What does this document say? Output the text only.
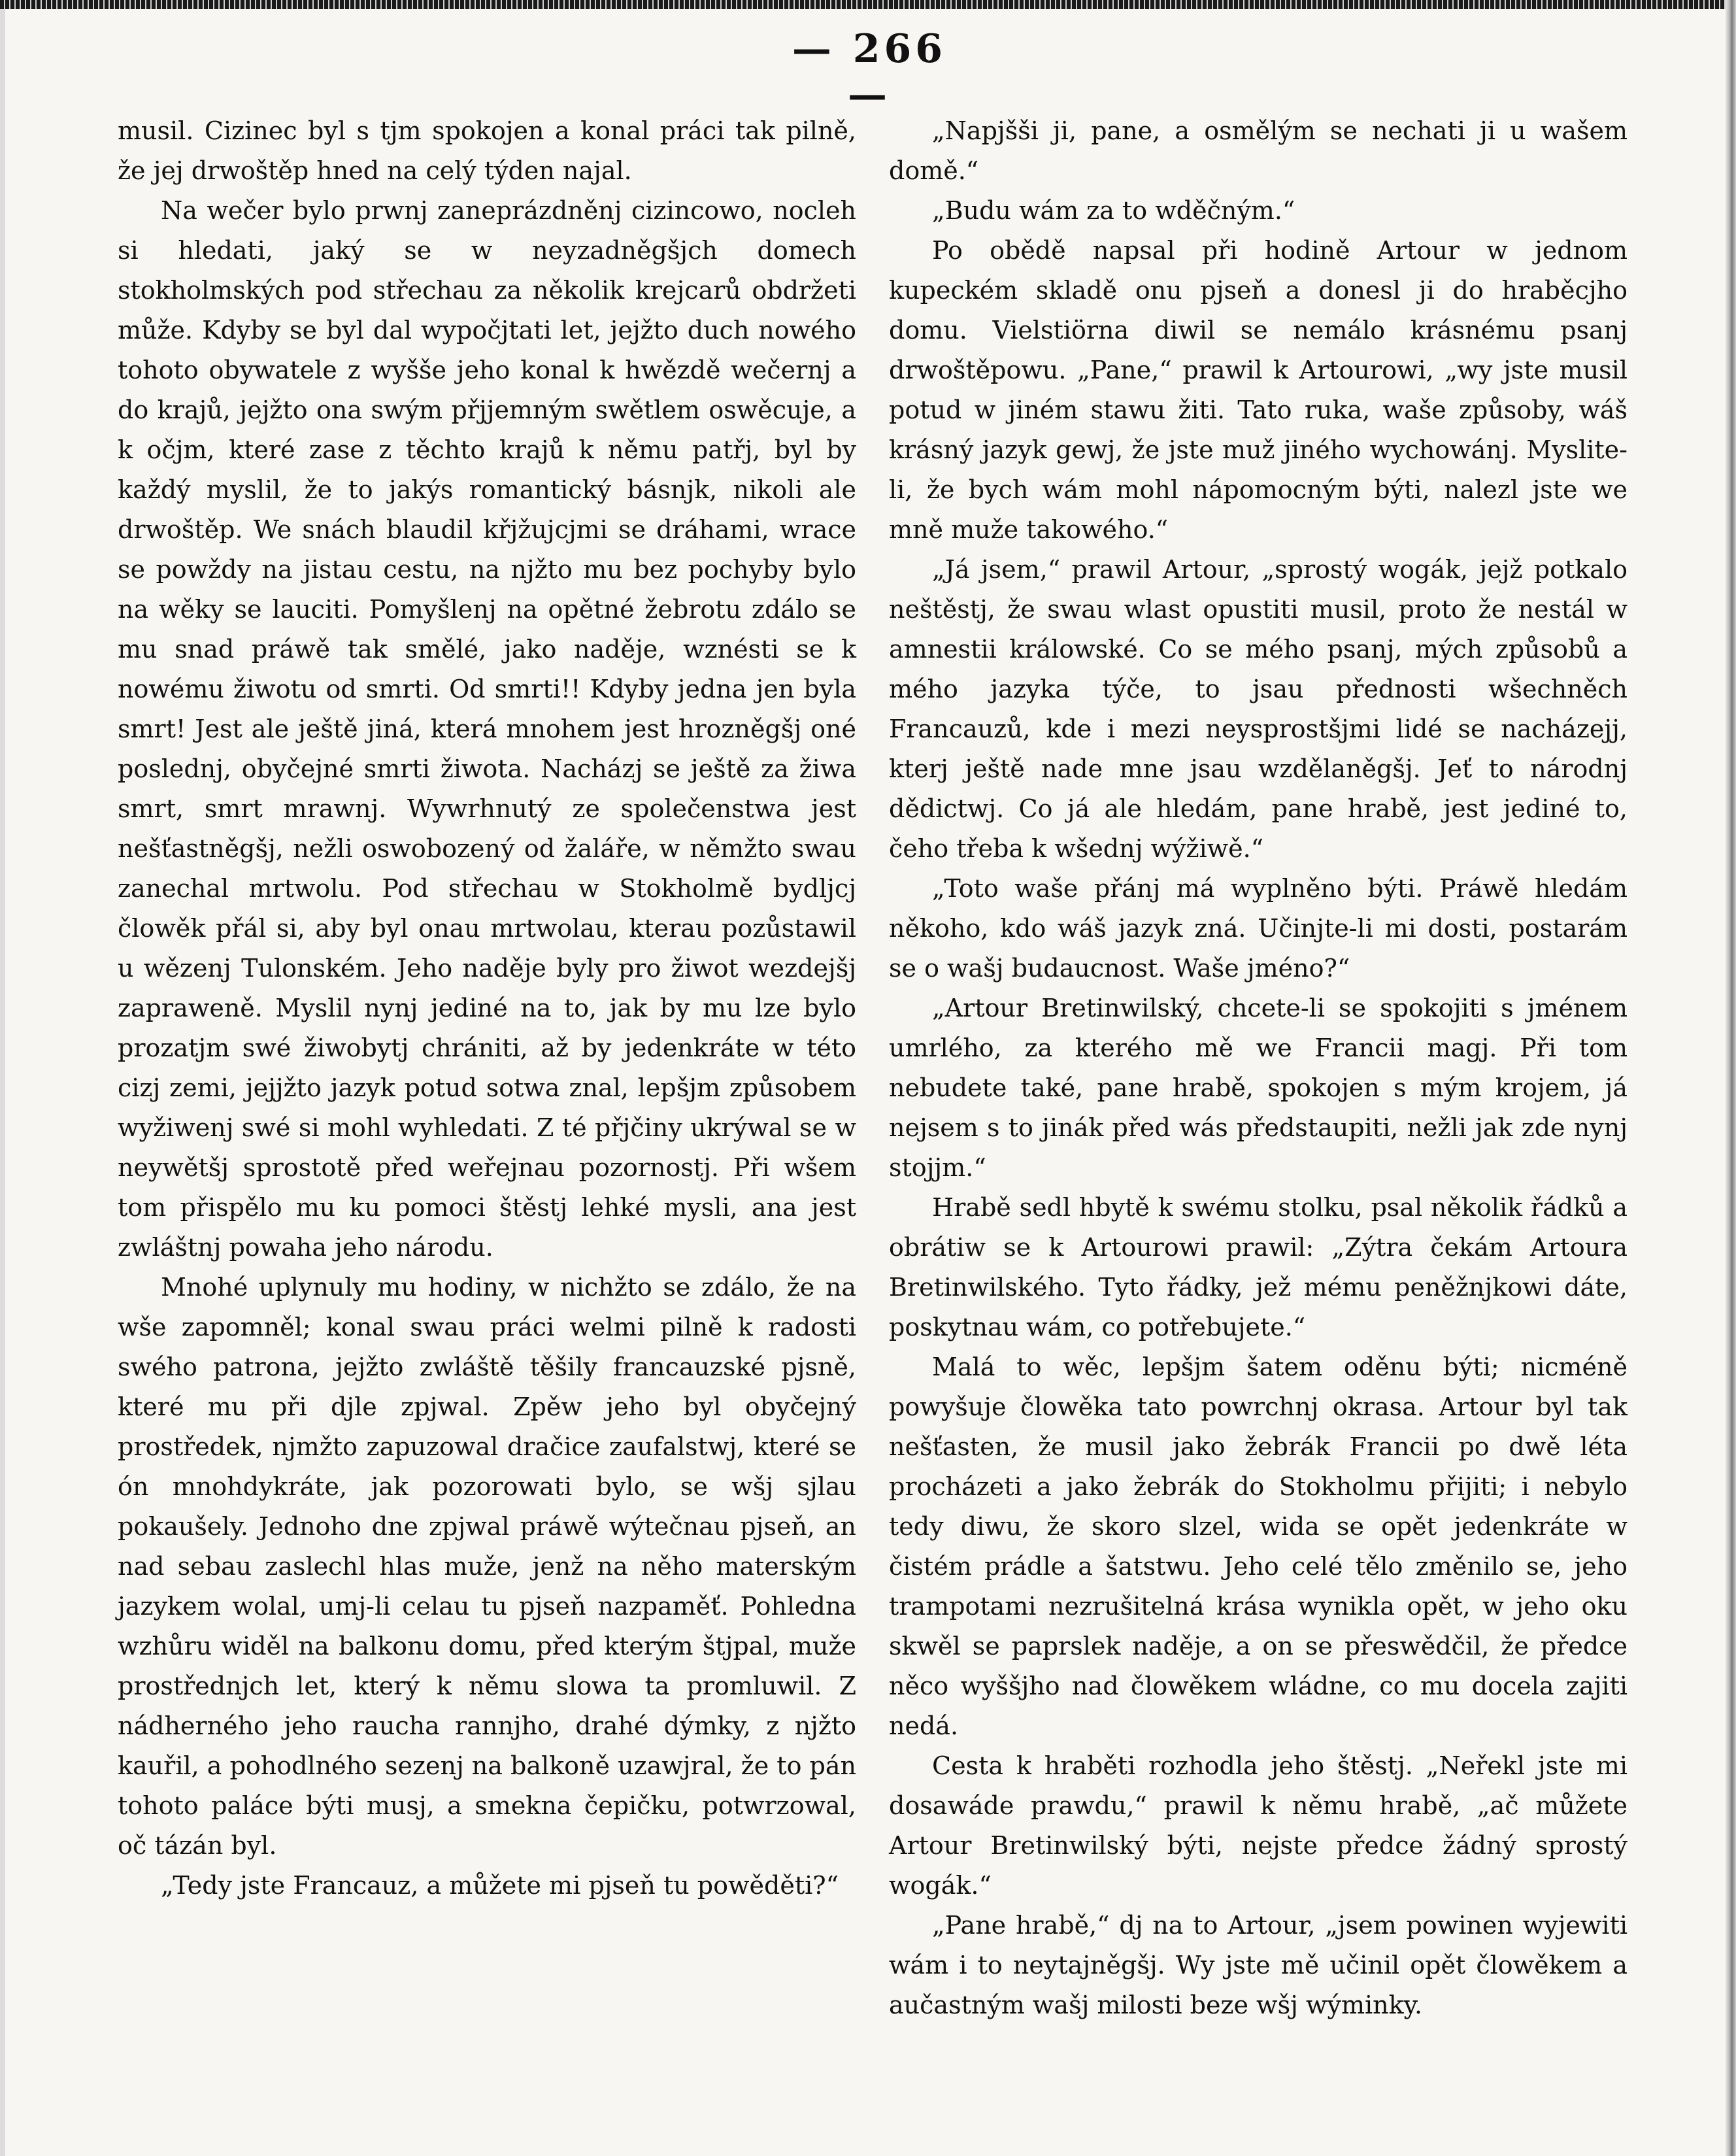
— 266 —

musil. Cizinec byl s tjm spokojen a konal práci tak pilně, že jej drwoštěp hned na celý týden najal.

Na wečer bylo prwnj zaneprázdněnj cizincowo, nocleh si hledati, jaký se w neyzadněgšjch domech stokholmských pod střechau za několik krejcarů obdržeti může. Kdyby se byl dal wypočjtati let, jejžto duch nowého tohoto obywatele z wyšše jeho konal k hwězdě wečernj a do krajů, jejžto ona swým přjjemným swětlem oswěcuje, a k očjm, které zase z těchto krajů k němu patřj, byl by každý myslil, že to jakýs romantický básnjk, nikoli ale drwoštěp. We snách blaudil křjžujcjmi se dráhami, wrace se powždy na jistau cestu, na njžto mu bez pochyby bylo na wěky se lauciti. Pomyšlenj na opětné žebrotu zdálo se mu snad práwě tak smělé, jako naděje, wznésti se k nowému žiwotu od smrti. Od smrti!! Kdyby jedna jen byla smrt! Jest ale ještě jiná, která mnohem jest hrozněgšj oné poslednj, obyčejné smrti žiwota. Nacházj se ještě za žiwa smrt, smrt mrawnj. Wywrhnutý ze společenstwa jest nešťastněgšj, nežli oswobozený od žaláře, w němžto swau zanechal mrtwolu. Pod střechau w Stokholmě bydljcj člowěk přál si, aby byl onau mrtwolau, kterau pozůstawil u wězenj Tulonském. Jeho naděje byly pro žiwot wezdejšj zapraweně. Myslil nynj jediné na to, jak by mu lze bylo prozatjm swé žiwobytj chrániti, až by jedenkráte w této cizj zemi, jejjžto jazyk potud sotwa znal, lepšjm způsobem wyžiwenj swé si mohl wyhledati. Z té přjčiny ukrýwal se w neywětšj sprostotě před weřejnau pozornostj. Při wšem tom přispělo mu ku pomoci štěstj lehké mysli, ana jest zwláštnj powaha jeho národu.

Mnohé uplynuly mu hodiny, w nichžto se zdálo, že na wše zapomněl; konal swau práci welmi pilně k radosti swého patrona, jejžto zwláště těšily francauzské pjsně, které mu při djle zpjwal. Zpěw jeho byl obyčejný prostředek, njmžto zapuzowal dračice zaufalstwj, které se ón mnohdykráte, jak pozorowati bylo, se wšj sjlau pokaušely. Jednoho dne zpjwal práwě wýtečnau pjseň, an nad sebau zaslechl hlas muže, jenž na něho materským jazykem wolal, umj-li celau tu pjseň nazpaměť. Pohledna wzhůru widěl na balkonu domu, před kterým štjpal, muže prostřednjch let, který k němu slowa ta promluwil. Z nádherného jeho raucha rannjho, drahé dýmky, z njžto kauřil, a pohodlného sezenj na balkoně uzawjral, že to pán tohoto paláce býti musj, a smekna čepičku, potwrzowal, oč tázán byl.

„Tedy jste Francauz, a můžete mi pjseň tu powěděti?“

„Napjšši ji, pane, a osmělým se nechati ji u wašem domě.“

„Budu wám za to wděčným.“

Po obědě napsal při hodině Artour w jednom kupeckém skladě onu pjseň a donesl ji do hraběcjho domu. Vielstiörna diwil se nemálo krásnému psanj drwoštěpowu. „Pane,“ prawil k Artourowi, „wy jste musil potud w jiném stawu žiti. Tato ruka, waše způsoby, wáš krásný jazyk gewj, že jste muž jiného wychowánj. Myslite-li, že bych wám mohl nápomocným býti, nalezl jste we mně muže takowého.“

„Já jsem,“ prawil Artour, „sprostý wogák, jejž potkalo neštěstj, že swau wlast opustiti musil, proto že nestál w amnestii králowské. Co se mého psanj, mých způsobů a mého jazyka týče, to jsau přednosti wšechněch Francauzů, kde i mezi neysprostšjmi lidé se nacházejj, kterj ještě nade mne jsau wzdělaněgšj. Jeť to národnj dědictwj. Co já ale hledám, pane hrabě, jest jediné to, čeho třeba k wšednj wýžiwě.“

„Toto waše přánj má wyplněno býti. Práwě hledám někoho, kdo wáš jazyk zná. Učinjte-li mi dosti, postarám se o wašj budaucnost. Waše jméno?“

„Artour Bretinwilský, chcete-li se spokojiti s jménem umrlého, za kterého mě we Francii magj. Při tom nebudete také, pane hrabě, spokojen s mým krojem, já nejsem s to jinák před wás předstaupiti, nežli jak zde nynj stojjm.“

Hrabě sedl hbytě k swému stolku, psal několik řádků a obrátiw se k Artourowi prawil: „Zýtra čekám Artoura Bretinwilského. Tyto řádky, jež mému peněžnjkowi dáte, poskytnau wám, co potřebujete.“

Malá to wěc, lepšjm šatem oděnu býti; nicméně powyšuje člowěka tato powrchnj okrasa. Artour byl tak nešťasten, že musil jako žebrák Francii po dwě léta procházeti a jako žebrák do Stokholmu přijiti; i nebylo tedy diwu, že skoro slzel, wida se opět jedenkráte w čistém prádle a šatstwu. Jeho celé tělo změnilo se, jeho trampotami nezrušitelná krása wynikla opět, w jeho oku skwěl se paprslek naděje, a on se přeswědčil, že předce něco wyššjho nad člowěkem wládne, co mu docela zajiti nedá.

Cesta k hraběti rozhodla jeho štěstj. „Neřekl jste mi dosawáde prawdu,“ prawil k němu hrabě, „ač můžete Artour Bretinwilský býti, nejste předce žádný sprostý wogák.“

„Pane hrabě,“ dj na to Artour, „jsem powinen wyjewiti wám i to neytajněgšj. Wy jste mě učinil opět člowěkem a aučastným wašj milosti beze wšj wýminky.
